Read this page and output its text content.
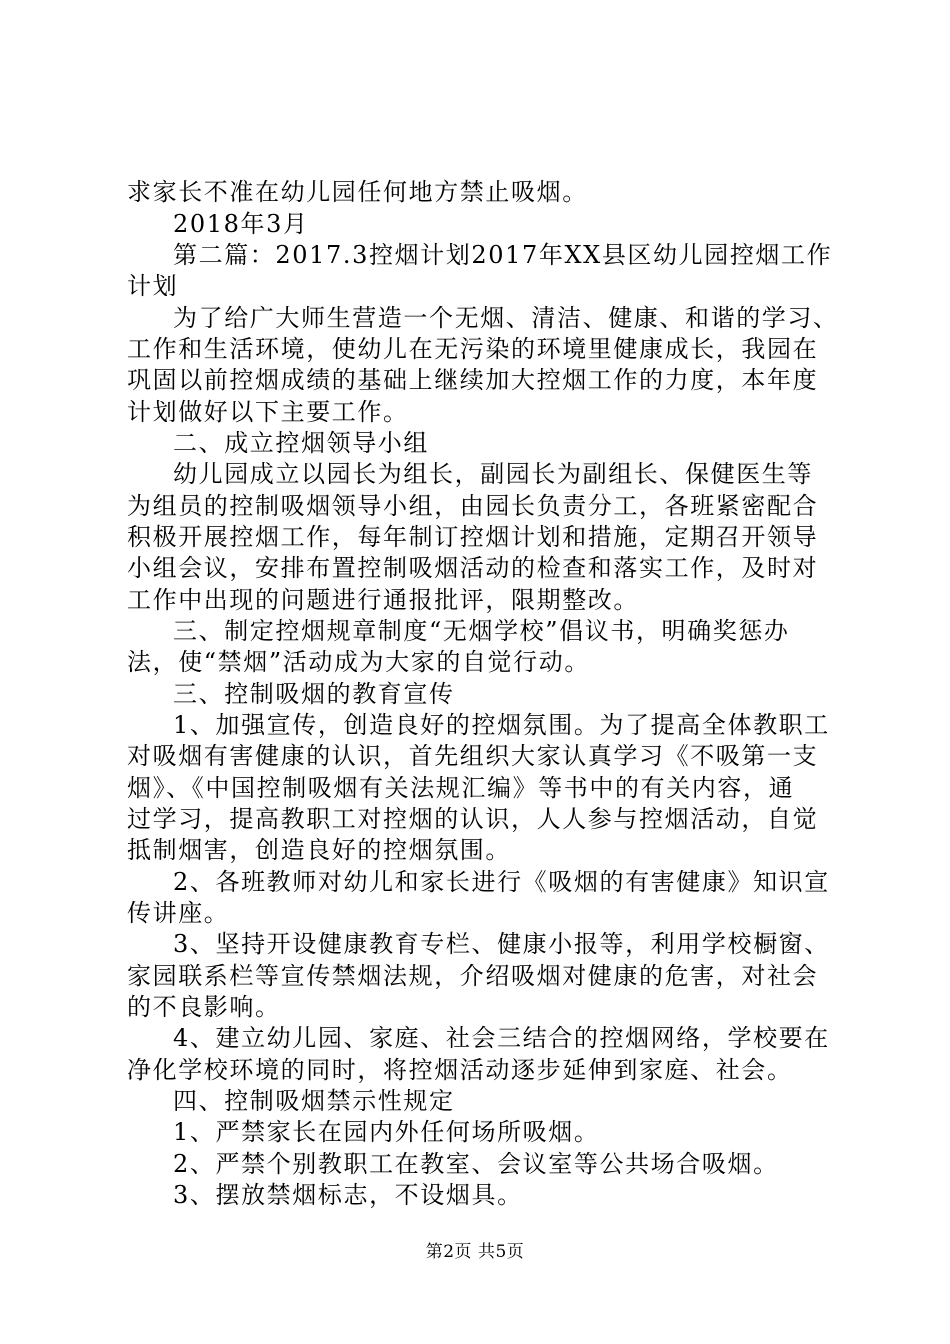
求家长不准在幼儿园任何地方禁止吸烟。
2018年3月
第二篇：2017.3控烟计划2017年XX县区幼儿园控烟工作
计划
为了给广大师生营造一个无烟、清洁、健康、和谐的学习、
工作和生活环境，使幼儿在无污染的环境里健康成长，我园在
巩固以前控烟成绩的基础上继续加大控烟工作的力度，本年度
计划做好以下主要工作。
二、成立控烟领导小组
幼儿园成立以园长为组长，副园长为副组长、保健医生等
为组员的控制吸烟领导小组，由园长负责分工，各班紧密配合
积极开展控烟工作，每年制订控烟计划和措施，定期召开领导
小组会议，安排布置控制吸烟活动的检查和落实工作，及时对
工作中出现的问题进行通报批评，限期整改。
三、制定控烟规章制度“无烟学校”倡议书，明确奖惩办
法，使“禁烟”活动成为大家的自觉行动。
三、控制吸烟的教育宣传
1、加强宣传，创造良好的控烟氛围。为了提高全体教职工
对吸烟有害健康的认识，首先组织大家认真学习《不吸第一支
烟》、《中国控制吸烟有关法规汇编》等书中的有关内容，通
过学习，提高教职工对控烟的认识，人人参与控烟活动，自觉
抵制烟害，创造良好的控烟氛围。
2、各班教师对幼儿和家长进行《吸烟的有害健康》知识宣
传讲座。
3、坚持开设健康教育专栏、健康小报等，利用学校橱窗、
家园联系栏等宣传禁烟法规，介绍吸烟对健康的危害，对社会
的不良影响。
4、建立幼儿园、家庭、社会三结合的控烟网络，学校要在
净化学校环境的同时，将控烟活动逐步延伸到家庭、社会。
四、控制吸烟禁示性规定
1、严禁家长在园内外任何场所吸烟。
2、严禁个别教职工在教室、会议室等公共场合吸烟。
3、摆放禁烟标志，不设烟具。
第2页 共5页
